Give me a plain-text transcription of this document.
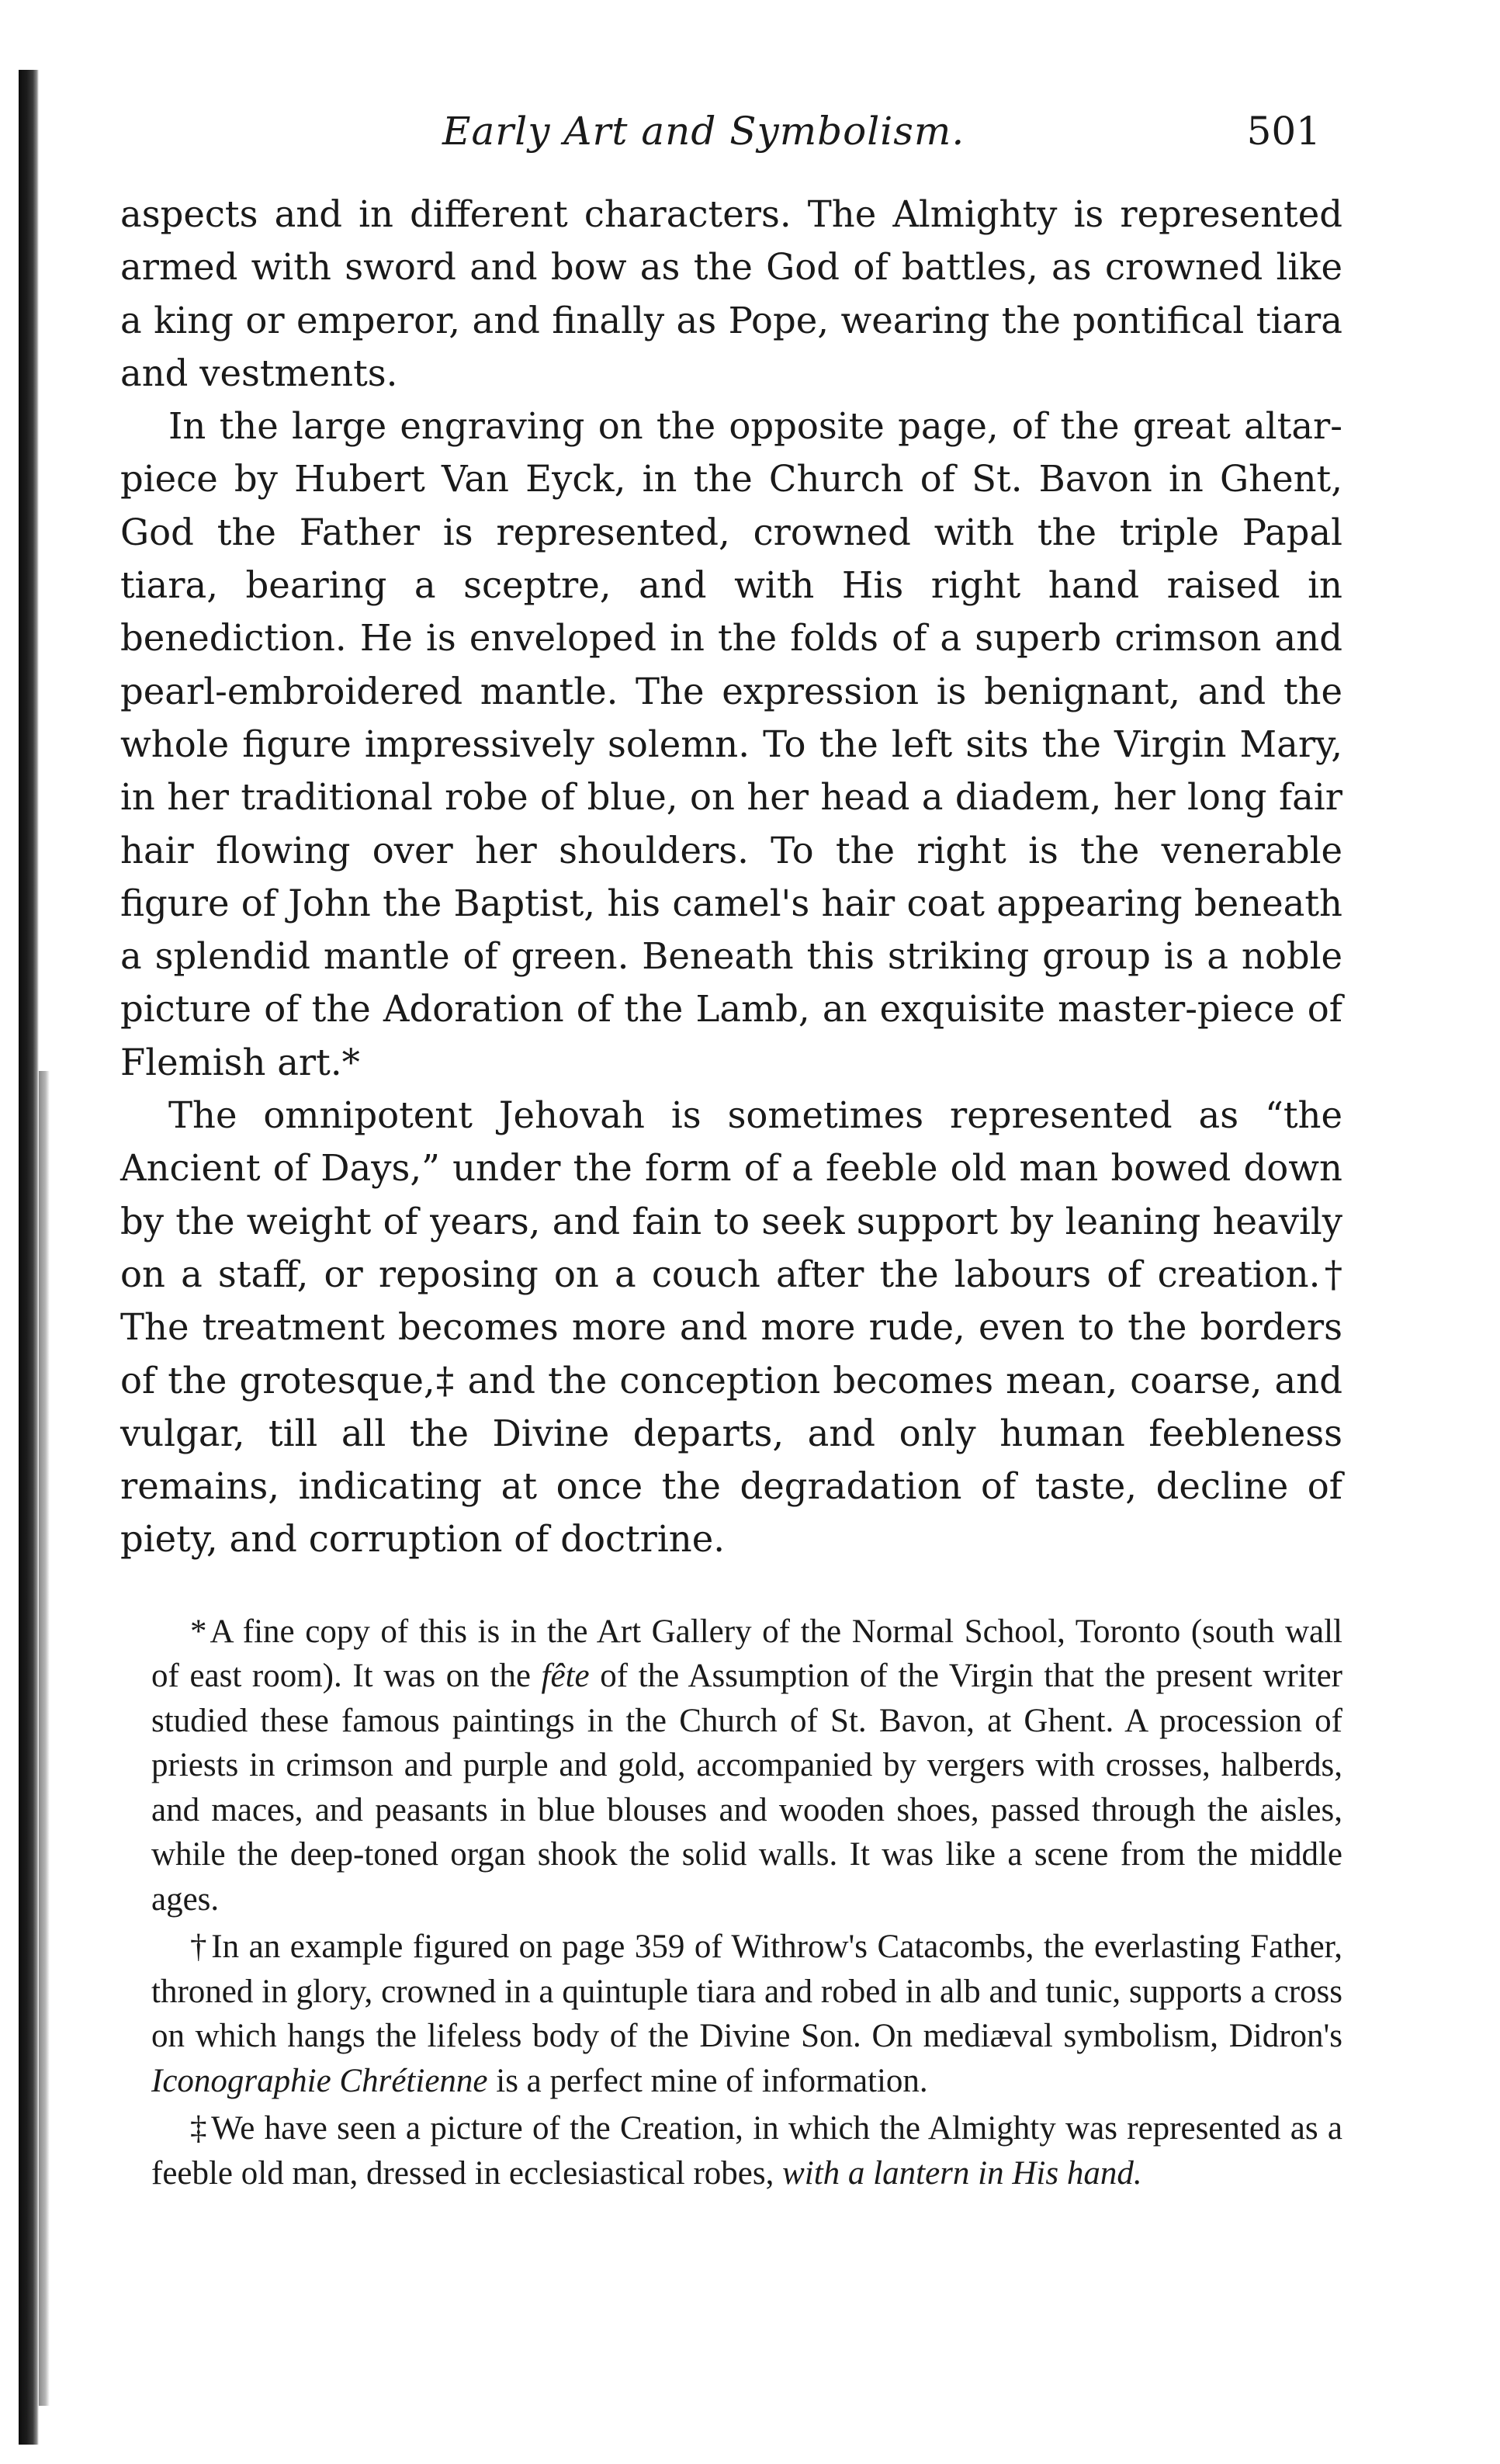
Early Art and Symbolism.	501

aspects and in different characters. The Almighty is represented armed with sword and bow as the God of battles, as crowned like a king or emperor, and finally as Pope, wearing the pontifical tiara and vestments.

In the large engraving on the opposite page, of the great altar-piece by Hubert Van Eyck, in the Church of St. Bavon in Ghent, God the Father is represented, crowned with the triple Papal tiara, bearing a sceptre, and with His right hand raised in benediction. He is enveloped in the folds of a superb crimson and pearl-embroidered mantle. The expression is benignant, and the whole figure impressively solemn. To the left sits the Virgin Mary, in her traditional robe of blue, on her head a diadem, her long fair hair flowing over her shoulders. To the right is the venerable figure of John the Baptist, his camel's hair coat appearing beneath a splendid mantle of green. Beneath this striking group is a noble picture of the Adoration of the Lamb, an exquisite master-piece of Flemish art.*

The omnipotent Jehovah is sometimes represented as “the Ancient of Days,” under the form of a feeble old man bowed down by the weight of years, and fain to seek support by leaning heavily on a staff, or reposing on a couch after the labours of creation.† The treatment becomes more and more rude, even to the borders of the grotesque,‡ and the conception becomes mean, coarse, and vulgar, till all the Divine departs, and only human feebleness remains, indicating at once the degradation of taste, decline of piety, and corruption of doctrine.

*A fine copy of this is in the Art Gallery of the Normal School, Toronto (south wall of east room). It was on the fête of the Assumption of the Virgin that the present writer studied these famous paintings in the Church of St. Bavon, at Ghent. A procession of priests in crimson and purple and gold, accompanied by vergers with crosses, halberds, and maces, and peasants in blue blouses and wooden shoes, passed through the aisles, while the deep-toned organ shook the solid walls. It was like a scene from the middle ages.

†In an example figured on page 359 of Withrow's Catacombs, the everlasting Father, throned in glory, crowned in a quintuple tiara and robed in alb and tunic, supports a cross on which hangs the lifeless body of the Divine Son. On mediæval symbolism, Didron's Iconographie Chrétienne is a perfect mine of information.

‡We have seen a picture of the Creation, in which the Almighty was represented as a feeble old man, dressed in ecclesiastical robes, with a lantern in His hand.
